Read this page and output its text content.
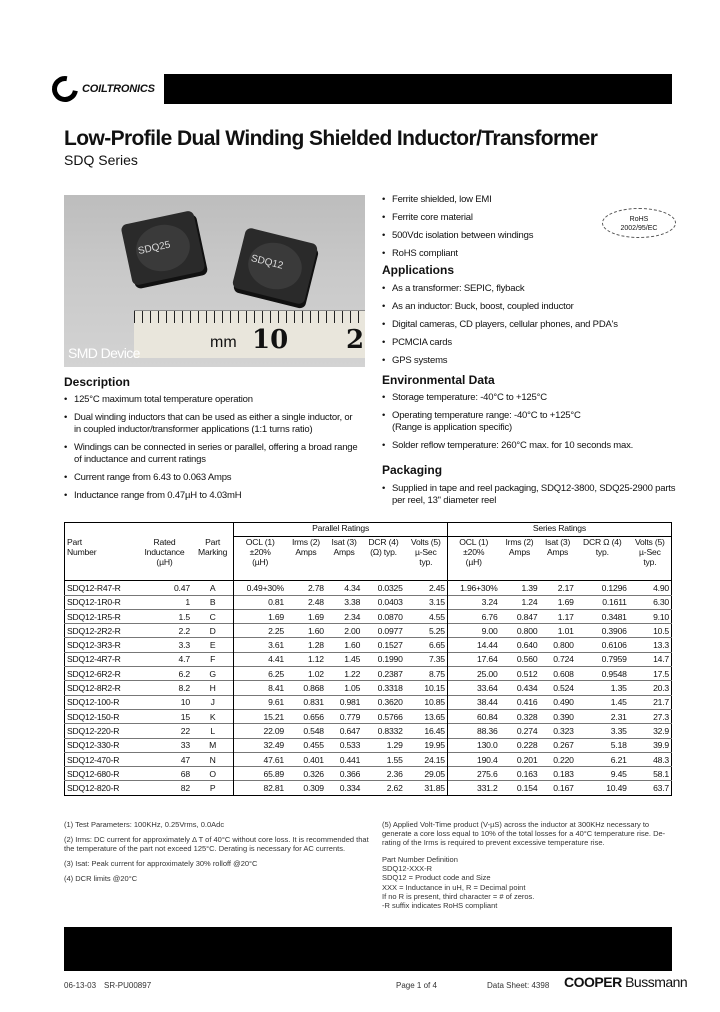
COILTRONICS
Low-Profile Dual Winding Shielded Inductor/Transformer
SDQ Series
SDQ25
SDQ12
mm 10 2
SMD Device
RoHS
2002/95/EC
• Ferrite shielded, low EMI
• Ferrite core material
• 500Vdc isolation between windings
• RoHS compliant
Applications
• As a transformer: SEPIC, flyback
• As an inductor: Buck, boost, coupled inductor
• Digital cameras, CD players, cellular phones, and PDA's
• PCMCIA cards
• GPS systems
Environmental Data
• Storage temperature: -40°C to +125°C
• Operating temperature range: -40°C to +125°C
(Range is application specific)
• Solder reflow temperature: 260°C max. for 10 seconds max.
Packaging
• Supplied in tape and reel packaging, SDQ12-3800, SDQ25-2900 parts
per reel, 13" diameter reel
Description
• 125°C maximum total temperature operation
• Dual winding inductors that can be used as either a single inductor, or
in coupled inductor/transformer applications (1:1 turns ratio)
• Windings can be connected in series or parallel, offering a broad range
of inductance and current ratings
• Current range from 6.43 to 0.063 Amps
• Inductance range from 0.47µH to 4.03mH
			Parallel Ratings					Series Ratings				
Part
Number	Rated
Inductance
(µH)	Part
Marking	OCL (1)
±20%
(µH)	Irms (2)
Amps	Isat (3)
Amps	DCR (4)
(Ω) typ.	Volts (5)
µ-Sec
typ.	OCL (1)
±20%
(µH)	Irms (2)
Amps	Isat (3)
Amps	DCR Ω (4)
typ.	Volts (5)
µ-Sec
typ.
SDQ12-R47-R	0.47	A	0.49+30%	2.78	4.34	0.0325	2.45	1.96+30%	1.39	2.17	0.1296	4.90
SDQ12-1R0-R	1	B	0.81	2.48	3.38	0.0403	3.15	3.24	1.24	1.69	0.1611	6.30
SDQ12-1R5-R	1.5	C	1.69	1.69	2.34	0.0870	4.55	6.76	0.847	1.17	0.3481	9.10
SDQ12-2R2-R	2.2	D	2.25	1.60	2.00	0.0977	5.25	9.00	0.800	1.01	0.3906	10.5
SDQ12-3R3-R	3.3	E	3.61	1.28	1.60	0.1527	6.65	14.44	0.640	0.800	0.6106	13.3
SDQ12-4R7-R	4.7	F	4.41	1.12	1.45	0.1990	7.35	17.64	0.560	0.724	0.7959	14.7
SDQ12-6R2-R	6.2	G	6.25	1.02	1.22	0.2387	8.75	25.00	0.512	0.608	0.9548	17.5
SDQ12-8R2-R	8.2	H	8.41	0.868	1.05	0.3318	10.15	33.64	0.434	0.524	1.35	20.3
SDQ12-100-R	10	J	9.61	0.831	0.981	0.3620	10.85	38.44	0.416	0.490	1.45	21.7
SDQ12-150-R	15	K	15.21	0.656	0.779	0.5766	13.65	60.84	0.328	0.390	2.31	27.3
SDQ12-220-R	22	L	22.09	0.548	0.647	0.8332	16.45	88.36	0.274	0.323	3.35	32.9
SDQ12-330-R	33	M	32.49	0.455	0.533	1.29	19.95	130.0	0.228	0.267	5.18	39.9
SDQ12-470-R	47	N	47.61	0.401	0.441	1.55	24.15	190.4	0.201	0.220	6.21	48.3
SDQ12-680-R	68	O	65.89	0.326	0.366	2.36	29.05	275.6	0.163	0.183	9.45	58.1
SDQ12-820-R	82	P	82.81	0.309	0.334	2.62	31.85	331.2	0.154	0.167	10.49	63.7

(1) Test Parameters: 100KHz, 0.25Vrms, 0.0Adc

(2) Irms: DC current for approximately Δ T of 40°C without core loss. It is recommended that the temperature of the part not exceed 125°C. Derating is necessary for AC currents.

(3) Isat: Peak current for approximately 30% rolloff @20°C

(4) DCR limits @20°C

(5) Applied Volt-Time product (V-µS) across the inductor at 300KHz necessary to generate a core loss equal to 10% of the total losses for a 40°C temperature rise. De-rating of the Irms is required to prevent excessive temperature rise.
Part Number Definition
SDQ12-XXX-R
SDQ12 = Product code and Size
XXX = Inductance in uH, R = Decimal point
If no R is present, third character = # of zeros.
-R suffix indicates RoHS compliant
06-13-03 SR-PU00897	Page 1 of 4	Data Sheet: 4398 COOPER Bussmann
